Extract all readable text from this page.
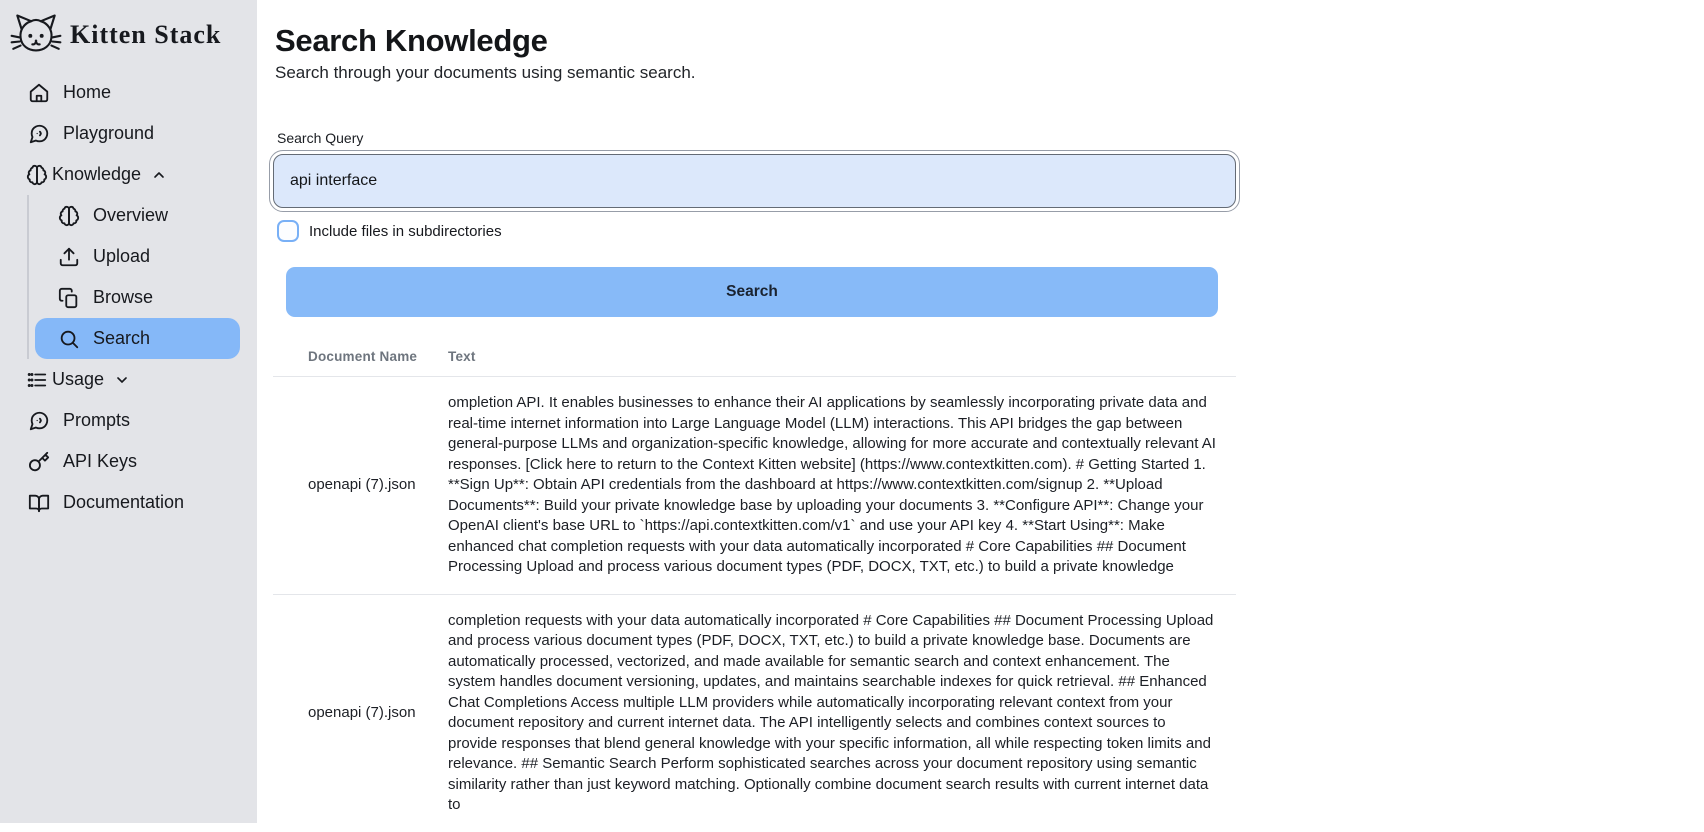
Kitten Stack
Home
Playground
Knowledge
Overview
Upload
Browse
Search
Usage
Prompts
API Keys
Documentation
Search Knowledge

Search through your documents using semantic search.

Search Query
api interface
Include files in subdirectories
Search
Document Name	Text
openapi (7).json
ompletion API. It enables businesses to enhance their AI applications by seamlessly incorporating private data and real-time internet information into Large Language Model (LLM) interactions. This API bridges the gap between general-purpose LLMs and organization-specific knowledge, allowing for more accurate and contextually relevant AI responses. [Click here to return to the Context Kitten website] (https://www.contextkitten.com). # Getting Started 1. **Sign Up**: Obtain API credentials from the dashboard at https://www.contextkitten.com/signup 2. **Upload Documents**: Build your private knowledge base by uploading your documents 3. **Configure API**: Change your OpenAI client's base URL to `https://api.contextkitten.com/v1` and use your API key 4. **Start Using**: Make enhanced chat completion requests with your data automatically incorporated # Core Capabilities ## Document Processing Upload and process various document types (PDF, DOCX, TXT, etc.) to build a private knowledge
openapi (7).json
completion requests with your data automatically incorporated # Core Capabilities ## Document Processing Upload and process various document types (PDF, DOCX, TXT, etc.) to build a private knowledge base. Documents are automatically processed, vectorized, and made available for semantic search and context enhancement. The system handles document versioning, updates, and maintains searchable indexes for quick retrieval. ## Enhanced Chat Completions Access multiple LLM providers while automatically incorporating relevant context from your document repository and current internet data. The API intelligently selects and combines context sources to provide responses that blend general knowledge with your specific information, all while respecting token limits and relevance. ## Semantic Search Perform sophisticated searches across your document repository using semantic similarity rather than just keyword matching. Optionally combine document search results with current internet data to
